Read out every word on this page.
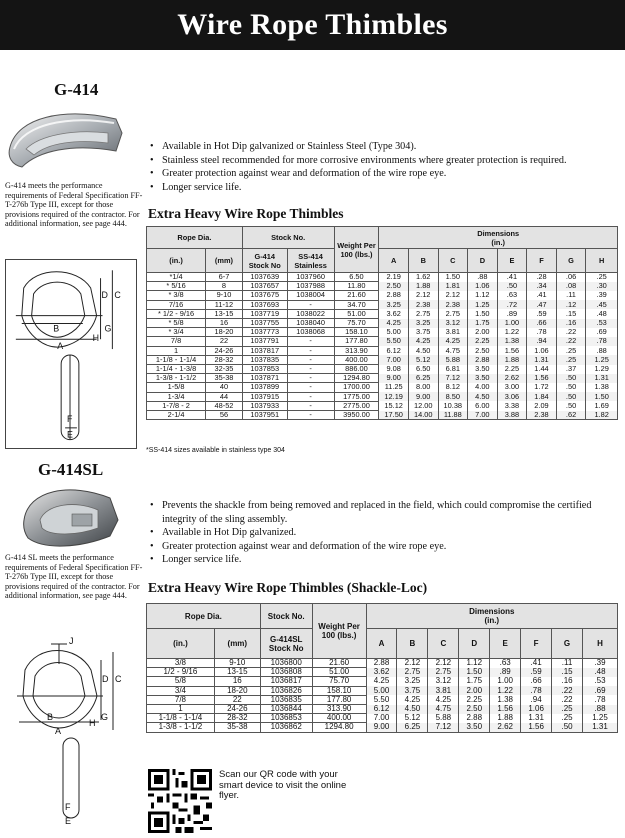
Wire Rope Thimbles
G-414
G-414 meets the performance requirements of Federal Specification FF-T-276b Type III, except for those provisions required of the contractor. For additional information, see page 444.
D C
B	G
H
A
F
E
• Available in Hot Dip galvanized or Stainless Steel (Type 304).
• Stainless steel recommended for more corrosive environments where greater protection is required.
• Greater protection against wear and deformation of the wire rope eye.
• Longer service life.
Extra Heavy Wire Rope Thimbles
Rope Dia.		Stock No.		Weight Per 100 (lbs.)	Dimensions
(in.)							
(in.)	(mm)	G-414 Stock No	SS-414 Stainless		A	B	C	D	E	F	G	H
*1/4	6-7	1037639	1037960	6.50	2.19	1.62	1.50	.88	.41	.28	.06	.25
* 5/16	8	1037657	1037988	11.80	2.50	1.88	1.81	1.06	.50	.34	.08	.30
* 3/8	9-10	1037675	1038004	21.60	2.88	2.12	2.12	1.12	.63	.41	.11	.39
7/16	11-12	1037693	-	34.70	3.25	2.38	2.38	1.25	.72	.47	.12	.45
* 1/2 - 9/16	13-15	1037719	1038022	51.00	3.62	2.75	2.75	1.50	.89	.59	.15	.48
* 5/8	16	1037755	1038040	75.70	4.25	3.25	3.12	1.75	1.00	.66	.16	.53
* 3/4	18-20	1037773	1038068	158.10	5.00	3.75	3.81	2.00	1.22	.78	.22	.69
7/8	22	1037791	-	177.80	5.50	4.25	4.25	2.25	1.38	.94	.22	.78
1	24-26	1037817	-	313.90	6.12	4.50	4.75	2.50	1.56	1.06	.25	.88
1-1/8 - 1-1/4	28-32	1037835	-	400.00	7.00	5.12	5.88	2.88	1.88	1.31	.25	1.25
1-1/4 - 1-3/8	32-35	1037853	-	886.00	9.08	6.50	6.81	3.50	2.25	1.44	.37	1.29
1-3/8 - 1-1/2	35-38	1037871	-	1294.80	9.00	6.25	7.12	3.50	2.62	1.56	.50	1.31
1-5/8	40	1037899	-	1700.00	11.25	8.00	8.12	4.00	3.00	1.72	.50	1.38
1-3/4	44	1037915	-	1775.00	12.19	9.00	8.50	4.50	3.06	1.84	.50	1.50
1-7/8 - 2	48-52	1037933	-	2775.00	15.12	12.00	10.38	6.00	3.38	2.09	.50	1.69
2-1/4	56	1037951	-	3950.00	17.50	14.00	11.88	7.00	3.88	2.38	.62	1.82
*SS-414 sizes available in stainless type 304
G-414SL
G-414 SL meets the performance requirements of Federal Specification FF-T-276b Type III, except for those provisions required of the contractor. For additional information, see page 444.
J
D C
B	G
H
A
F
E
• Prevents the shackle from being removed and replaced in the field, which could compromise the certified integrity of the sling assembly.
• Available in Hot Dip galvanized.
• Greater protection against wear and deformation of the wire rope eye.
• Longer service life.
Extra Heavy Wire Rope Thimbles (Shackle-Loc)
Rope Dia.		Stock No.	Weight Per 100 (lbs.)	Dimensions
(in.)							
(in.)	(mm)	G-414SL Stock No		A	B	C	D	E	F	G	H
3/8	9-10	1036800	21.60	2.88	2.12	2.12	1.12	.63	.41	.11	.39
1/2 - 9/16	13-15	1036808	51.00	3.62	2.75	2.75	1.50	.89	.59	.15	.48
5/8	16	1036817	75.70	4.25	3.25	3.12	1.75	1.00	.66	.16	.53
3/4	18-20	1036826	158.10	5.00	3.75	3.81	2.00	1.22	.78	.22	.69
7/8	22	1036835	177.80	5.50	4.25	4.25	2.25	1.38	.94	.22	.78
1	24-26	1036844	313.90	6.12	4.50	4.75	2.50	1.56	1.06	.25	.88
1-1/8 - 1-1/4	28-32	1036853	400.00	7.00	5.12	5.88	2.88	1.88	1.31	.25	1.25
1-3/8 - 1-1/2	35-38	1036862	1294.80	9.00	6.25	7.12	3.50	2.62	1.56	.50	1.31
Scan our QR code with your smart device to visit the online flyer.
